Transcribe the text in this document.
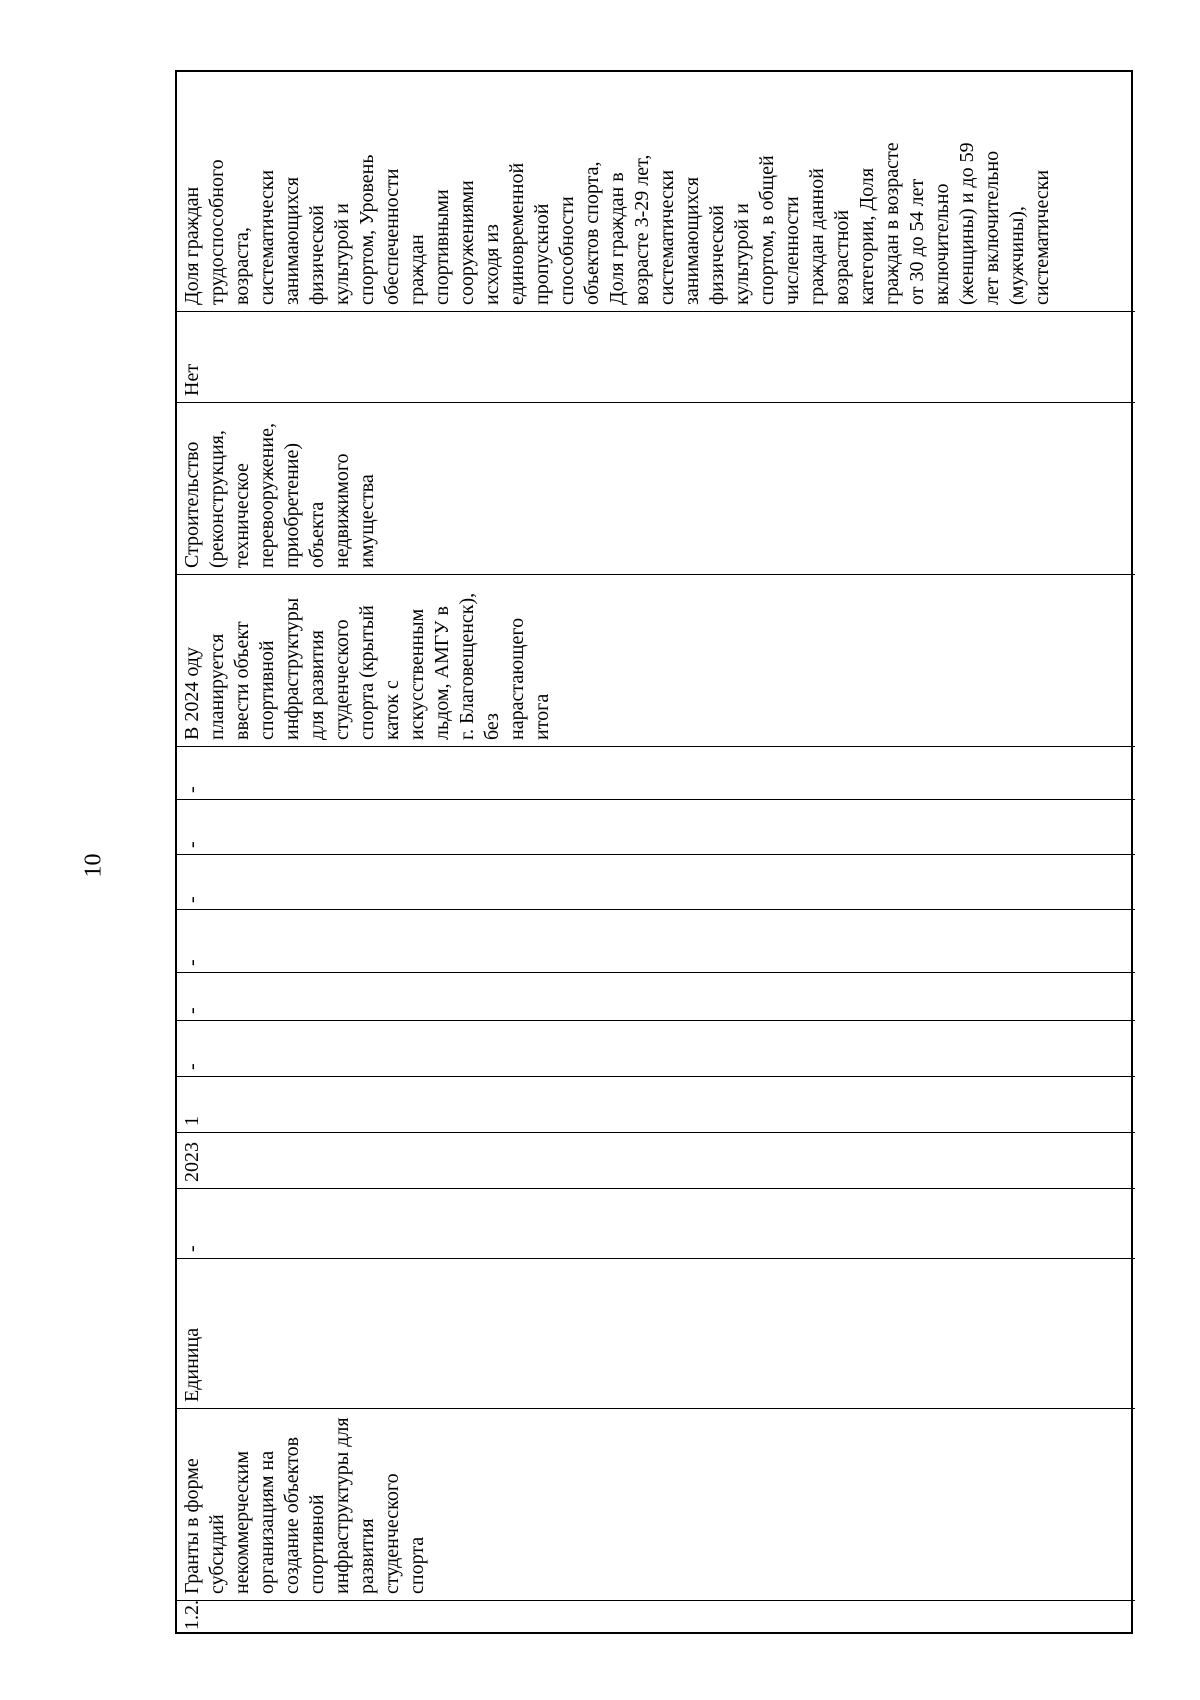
10
1.2.
Гранты в форме
субсидий
некоммерческим
организациям на
создание объектов
спортивной
инфраструктуры для
развития
студенческого
спорта
Единица
-
2023
1
-
-
-
-
-
-
В 2024 оду
планируется
ввести объект
спортивной
инфраструктуры
для развития
студенческого
спорта (крытый
каток с
искусственным
льдом, АМГУ в
г. Благовещенск),
без
нарастающего
итога
Строительство
(реконструкция,
техническое
перевооружение,
приобретение)
объекта
недвижимого
имущества
Нет
Доля граждан
трудоспособного
возраста,
систематически
занимающихся
физической
культурой и
спортом, Уровень
обеспеченности
граждан
спортивными
сооружениями
исходя из
единовременной
пропускной
способности
объектов спорта,
Доля граждан в
возрасте 3-29 лет,
систематически
занимающихся
физической
культурой и
спортом, в общей
численности
граждан данной
возрастной
категории, Доля
граждан в возрасте
от 30 до 54 лет
включительно
(женщины) и до 59
лет включительно
(мужчины),
систематически
